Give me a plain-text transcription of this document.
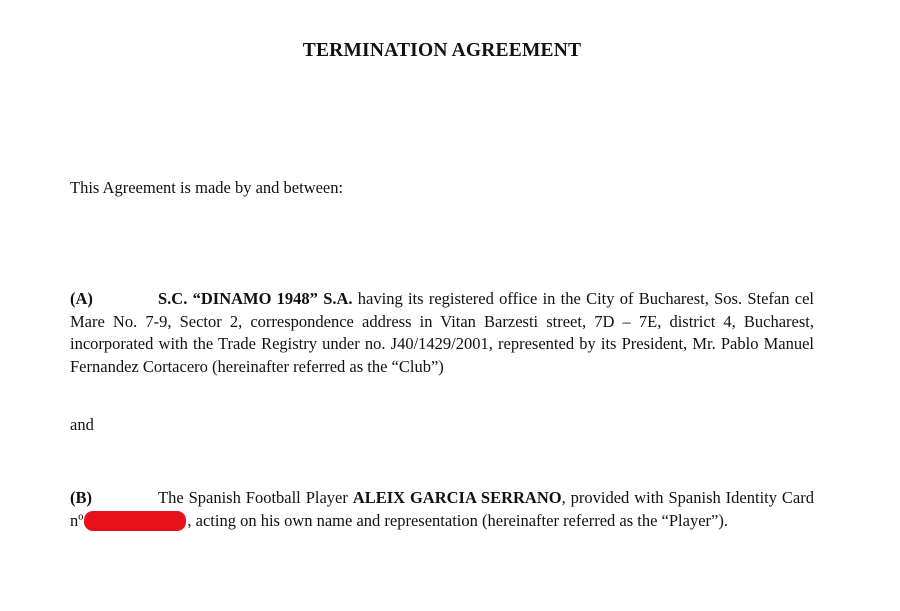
TERMINATION AGREEMENT
This Agreement is made by and between:
(A)	S.C. “DINAMO 1948” S.A. having its registered office in the City of Bucharest, Sos. Stefan cel Mare No. 7-9, Sector 2, correspondence address in Vitan Barzesti street, 7D – 7E, district 4, Bucharest, incorporated with the Trade Registry under no. J40/1429/2001, represented by its President, Mr. Pablo Manuel Fernandez Cortacero (hereinafter referred as the “Club”)
and
(B)	The Spanish Football Player ALEIX GARCIA SERRANO, provided with Spanish Identity Card nº	, acting on his own name and representation (hereinafter referred as the “Player”).
